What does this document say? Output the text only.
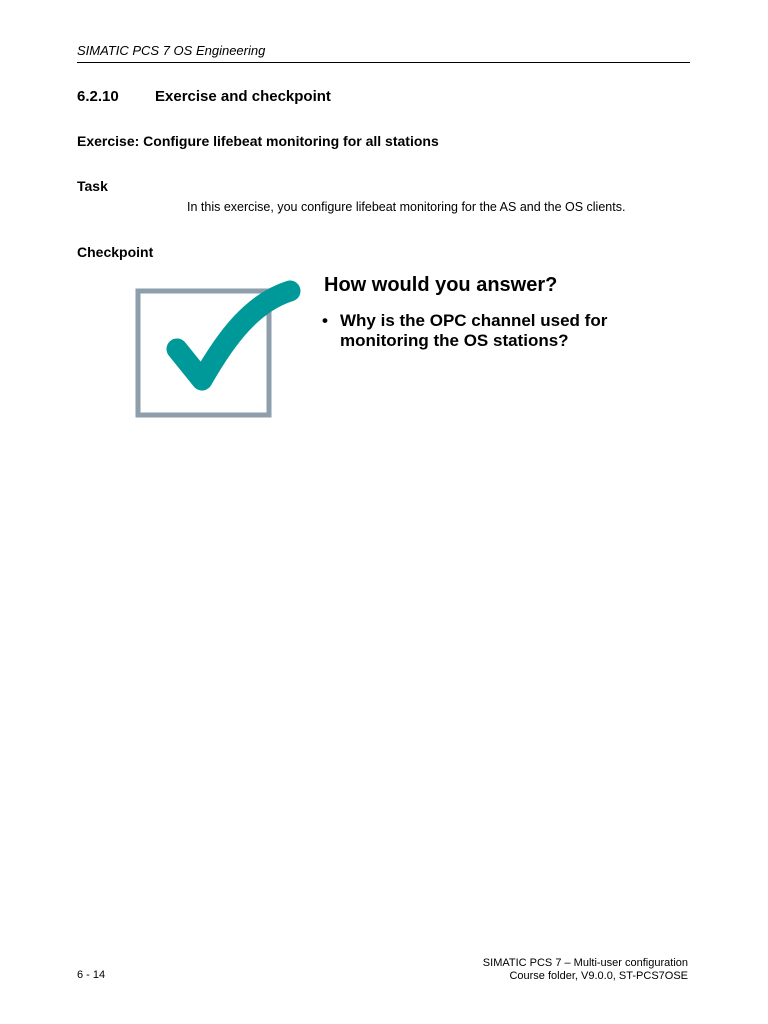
SIMATIC PCS 7 OS Engineering
6.2.10	Exercise and checkpoint
Exercise: Configure lifebeat monitoring for all stations
Task
In this exercise, you configure lifebeat monitoring for the AS and the OS clients.
Checkpoint
How would you answer?
• Why is the OPC channel used for monitoring the OS stations?
6 - 14
SIMATIC PCS 7 – Multi-user configuration
Course folder, V9.0.0, ST-PCS7OSE
